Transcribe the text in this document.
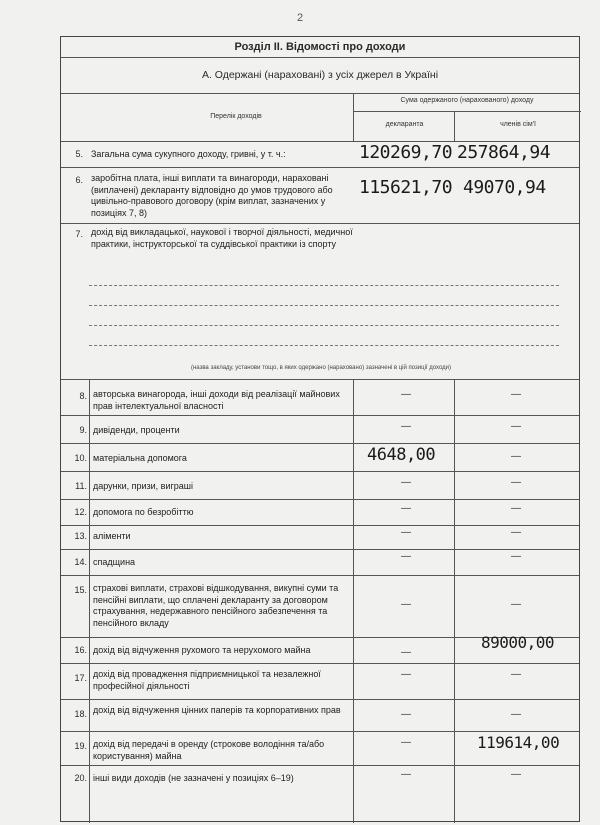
2
Розділ ІІ. Відомості про доходи
А. Одержані (нараховані) з усіх джерел в Україні
Перелік доходів
Сума одержаного (нарахованого) доходу
декларанта	членів сім'ї
5. Загальна сума сукупного доходу, гривні, у т. ч.:	120269,70 257864,94
6. заробітна плата, інші виплати та винагороди, нараховані (виплачені) декларанту відповідно до умов трудового або цивільно-правового договору (крім виплат, зазначених у позиціях 7, 8)
115621,70 49070,94
7. дохід від викладацької, наукової і творчої діяльності, медичної практики, інструкторської та суддівської практики із спорту
(назва закладу, установи тощо, в яких одержано (нараховано) зазначені в цій позиції доходи)
8. авторська винагорода, інші доходи від реалізації майнових прав інтелектуальної власності
—	—
9. дивіденди, проценти	—	—
10. матеріальна допомога	4648,00	—
11. дарунки, призи, виграші	—	—
12. допомога по безробіттю	—	—
13. аліменти	—	—
14. спадщина	—	—
15. страхові виплати, страхові відшкодування, викупні суми та пенсійні виплати, що сплачені декларанту за договором страхування, недержавного пенсійного забезпечення та пенсійного вкладу
—	—
16. дохід від відчуження рухомого та нерухомого майна	—
89000,00
17. дохід від провадження підприємницької та незалежної професійної діяльності
—	—
18. дохід від відчуження цінних паперів та корпоративних прав	—	—
19. дохід від передачі в оренду (строкове володіння та/або користування) майна
—	119614,00
20. інші види доходів (не зазначені у позиціях 6–19)	—	—
